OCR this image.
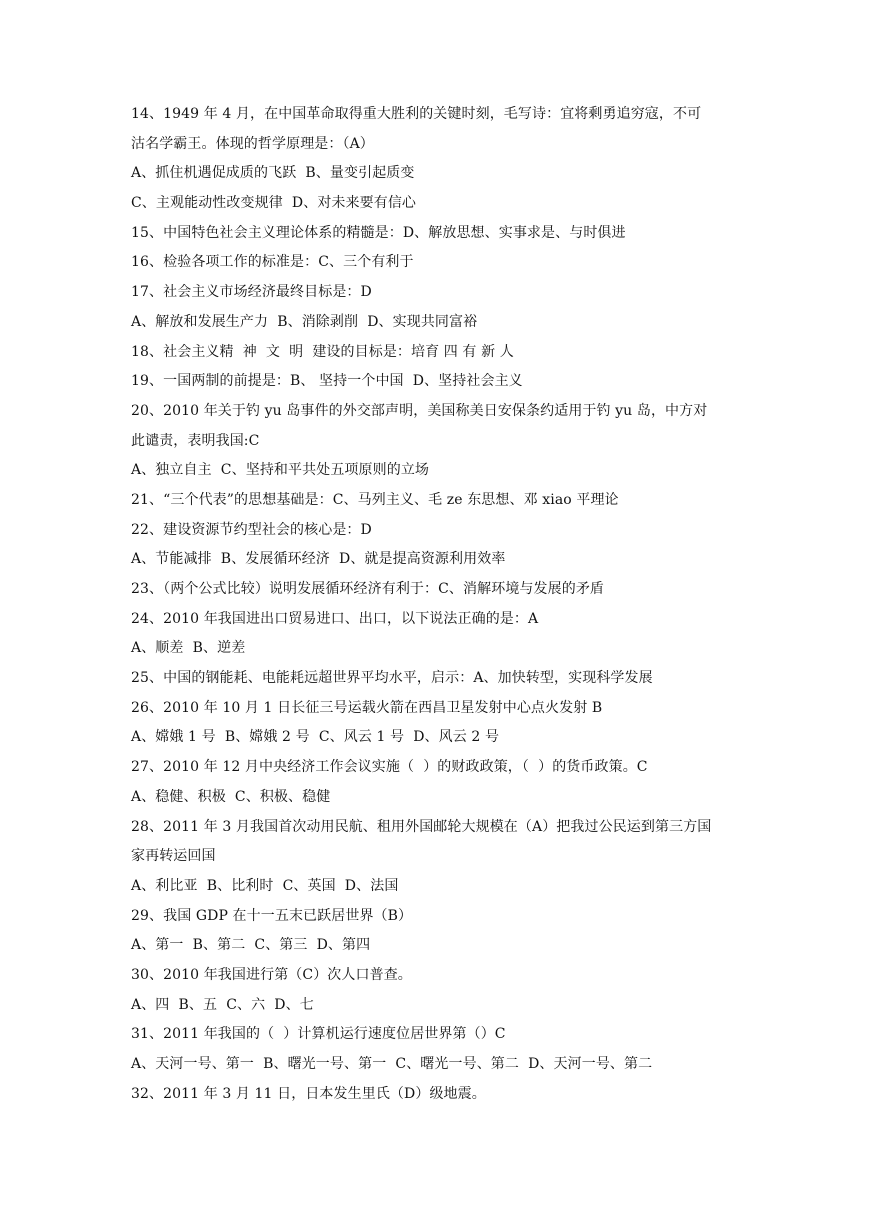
14、1949 年 4 月，在中国革命取得重大胜利的关键时刻，毛写诗：宜将剩勇追穷寇，不可
沽名学霸王。体现的哲学原理是：（A）
A、抓住机遇促成质的飞跃  B、量变引起质变
C、主观能动性改变规律  D、对未来要有信心
15、中国特色社会主义理论体系的精髓是：D、解放思想、实事求是、与时俱进
16、检验各项工作的标准是：C、三个有利于
17、社会主义市场经济最终目标是：D
A、解放和发展生产力  B、消除剥削  D、实现共同富裕
18、社会主义精  神  文  明  建设的目标是：培育 四 有 新 人
19、一国两制的前提是：B、 坚持一个中国  D、坚持社会主义
20、2010 年关于钓 yu 岛事件的外交部声明，美国称美日安保条约适用于钓 yu 岛，中方对
此谴责，表明我国:C
A、独立自主  C、坚持和平共处五项原则的立场
21、“三个代表”的思想基础是：C、马列主义、毛 ze 东思想、邓 xiao 平理论
22、建设资源节约型社会的核心是：D
A、节能减排  B、发展循环经济  D、就是提高资源利用效率
23、（两个公式比较）说明发展循环经济有利于：C、消解环境与发展的矛盾
24、2010 年我国进出口贸易进口、出口，以下说法正确的是：A
A、顺差  B、逆差
25、中国的钢能耗、电能耗远超世界平均水平，启示：A、加快转型，实现科学发展
26、2010 年 10 月 1 日长征三号运载火箭在西昌卫星发射中心点火发射 B
A、嫦娥 1 号  B、嫦娥 2 号  C、风云 1 号  D、风云 2 号
27、2010 年 12 月中央经济工作会议实施（  ）的财政政策，（  ）的货币政策。C
A、稳健、积极  C、积极、稳健
28、2011 年 3 月我国首次动用民航、租用外国邮轮大规模在（A）把我过公民运到第三方国
家再转运回国
A、利比亚  B、比利时  C、英国  D、法国
29、我国 GDP 在十一五末已跃居世界（B）
A、第一  B、第二  C、第三  D、第四
30、2010 年我国进行第（C）次人口普查。
A、四  B、五  C、六  D、七
31、2011 年我国的（  ）计算机运行速度位居世界第（）C
A、天河一号、第一  B、曙光一号、第一  C、曙光一号、第二  D、天河一号、第二
32、2011 年 3 月 11 日，日本发生里氏（D）级地震。
